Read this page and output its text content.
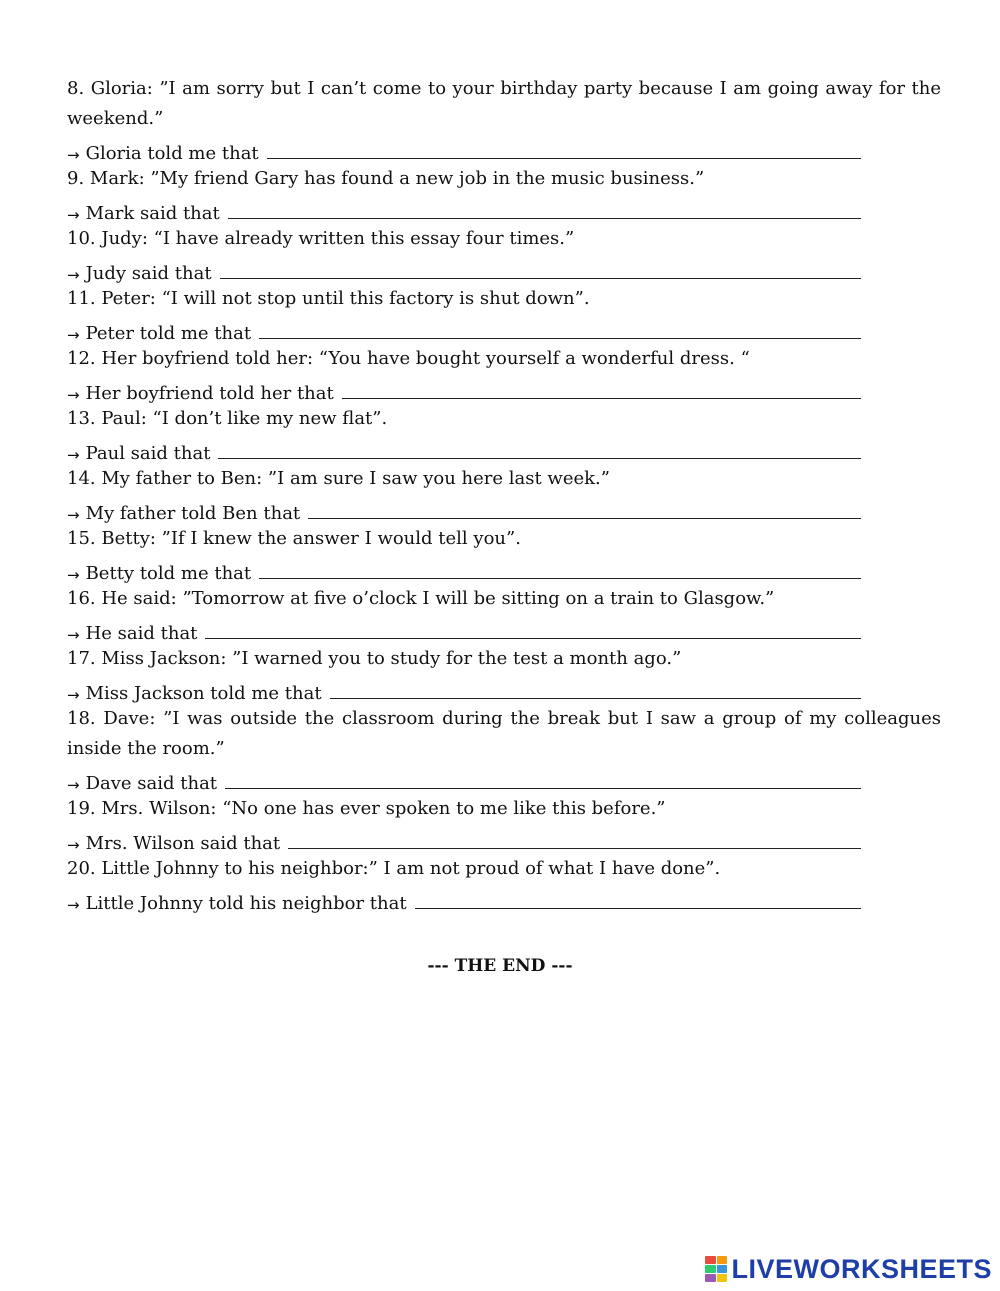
8. Gloria: ”I am sorry but I can’t come to your birthday party because I am going away for the weekend.”
→ Gloria told me that
9. Mark: ”My friend Gary has found a new job in the music business.”
→ Mark said that
10. Judy: “I have already written this essay four times.”
→ Judy said that
11. Peter: “I will not stop until this factory is shut down”.
→ Peter told me that
12. Her boyfriend told her: “You have bought yourself a wonderful dress. “
→ Her boyfriend told her that
13. Paul: “I don’t like my new flat”.
→ Paul said that
14. My father to Ben: ”I am sure I saw you here last week.”
→ My father told Ben that
15. Betty: ”If I knew the answer I would tell you”.
→ Betty told me that
16. He said: ”Tomorrow at five o’clock I will be sitting on a train to Glasgow.”
→ He said that
17. Miss Jackson: ”I warned you to study for the test a month ago.”
→ Miss Jackson told me that
18. Dave: ”I was outside the classroom during the break but I saw a group of my colleagues inside the room.”
→ Dave said that
19. Mrs. Wilson: “No one has ever spoken to me like this before.”
→ Mrs. Wilson said that
20. Little Johnny to his neighbor:” I am not proud of what I have done”.
→ Little Johnny told his neighbor that
--- THE END ---
LIVEWORKSHEETS
